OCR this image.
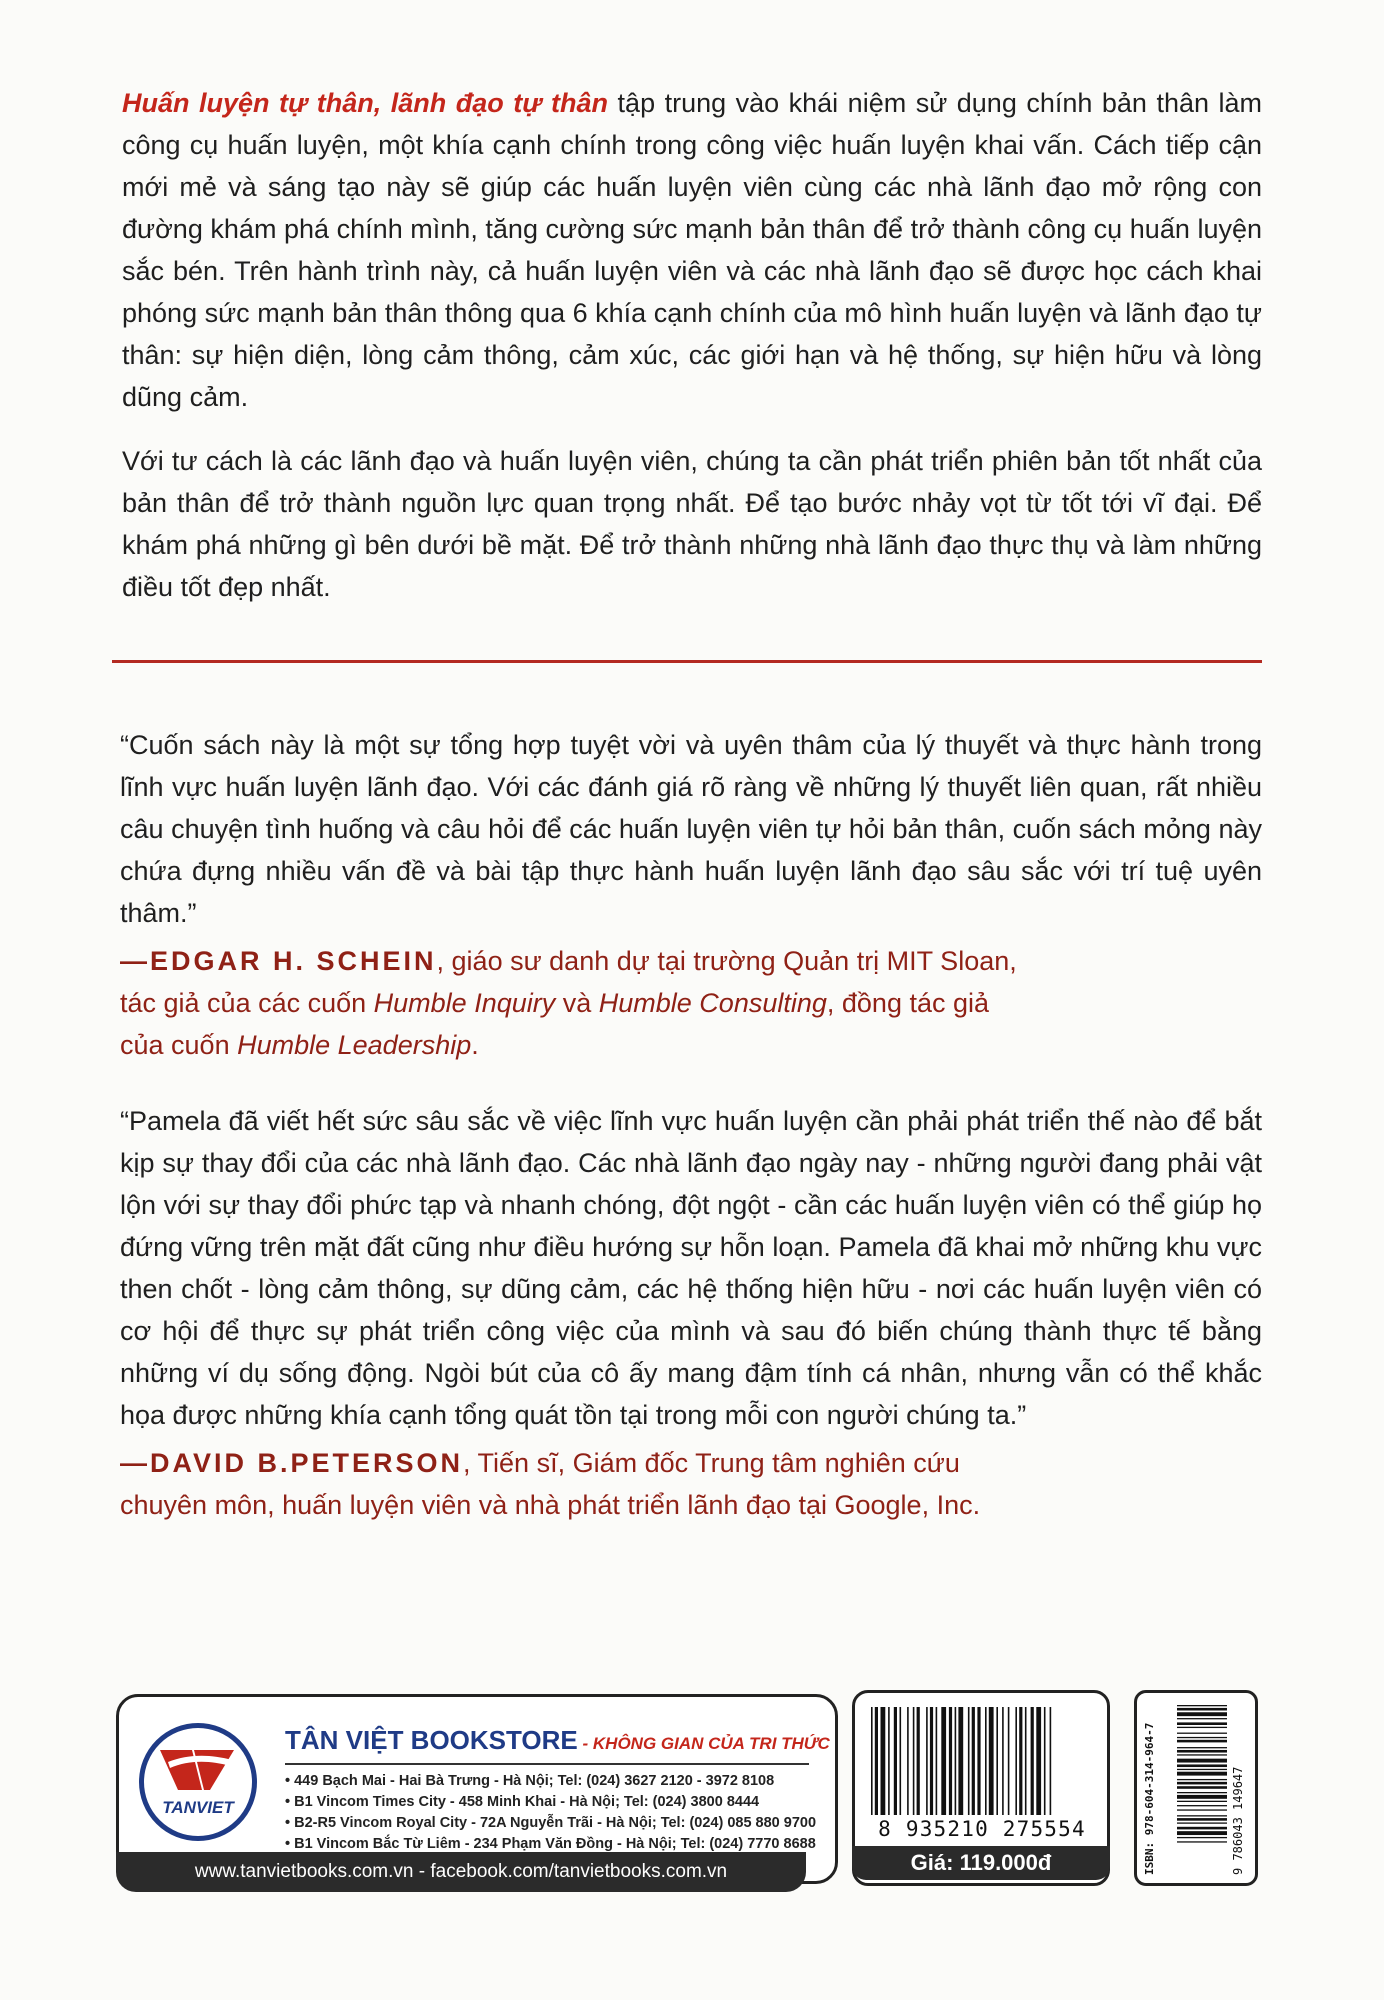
Huấn luyện tự thân, lãnh đạo tự thân tập trung vào khái niệm sử dụng chính bản thân làm công cụ huấn luyện, một khía cạnh chính trong công việc huấn luyện khai vấn. Cách tiếp cận mới mẻ và sáng tạo này sẽ giúp các huấn luyện viên cùng các nhà lãnh đạo mở rộng con đường khám phá chính mình, tăng cường sức mạnh bản thân để trở thành công cụ huấn luyện sắc bén. Trên hành trình này, cả huấn luyện viên và các nhà lãnh đạo sẽ được học cách khai phóng sức mạnh bản thân thông qua 6 khía cạnh chính của mô hình huấn luyện và lãnh đạo tự thân: sự hiện diện, lòng cảm thông, cảm xúc, các giới hạn và hệ thống, sự hiện hữu và lòng dũng cảm.

Với tư cách là các lãnh đạo và huấn luyện viên, chúng ta cần phát triển phiên bản tốt nhất của bản thân để trở thành nguồn lực quan trọng nhất. Để tạo bước nhảy vọt từ tốt tới vĩ đại. Để khám phá những gì bên dưới bề mặt. Để trở thành những nhà lãnh đạo thực thụ và làm những điều tốt đẹp nhất.

“Cuốn sách này là một sự tổng hợp tuyệt vời và uyên thâm của lý thuyết và thực hành trong lĩnh vực huấn luyện lãnh đạo. Với các đánh giá rõ ràng về những lý thuyết liên quan, rất nhiều câu chuyện tình huống và câu hỏi để các huấn luyện viên tự hỏi bản thân, cuốn sách mỏng này chứa đựng nhiều vấn đề và bài tập thực hành huấn luyện lãnh đạo sâu sắc với trí tuệ uyên thâm.”

—EDGAR H. SCHEIN, giáo sư danh dự tại trường Quản trị MIT Sloan,
tác giả của các cuốn Humble Inquiry và Humble Consulting, đồng tác giả
của cuốn Humble Leadership.

“Pamela đã viết hết sức sâu sắc về việc lĩnh vực huấn luyện cần phải phát triển thế nào để bắt kịp sự thay đổi của các nhà lãnh đạo. Các nhà lãnh đạo ngày nay - những người đang phải vật lộn với sự thay đổi phức tạp và nhanh chóng, đột ngột - cần các huấn luyện viên có thể giúp họ đứng vững trên mặt đất cũng như điều hướng sự hỗn loạn. Pamela đã khai mở những khu vực then chốt - lòng cảm thông, sự dũng cảm, các hệ thống hiện hữu - nơi các huấn luyện viên có cơ hội để thực sự phát triển công việc của mình và sau đó biến chúng thành thực tế bằng những ví dụ sống động. Ngòi bút của cô ấy mang đậm tính cá nhân, nhưng vẫn có thể khắc họa được những khía cạnh tổng quát tồn tại trong mỗi con người chúng ta.”

—DAVID B.PETERSON, Tiến sĩ, Giám đốc Trung tâm nghiên cứu
chuyên môn, huấn luyện viên và nhà phát triển lãnh đạo tại Google, Inc.
TANVIET
TÂN VIỆT BOOKSTORE - KHÔNG GIAN CỦA TRI THỨC
• 449 Bạch Mai - Hai Bà Trưng - Hà Nội; Tel: (024) 3627 2120 - 3972 8108
• B1 Vincom Times City - 458 Minh Khai - Hà Nội; Tel: (024) 3800 8444
• B2-R5 Vincom Royal City - 72A Nguyễn Trãi - Hà Nội; Tel: (024) 085 880 9700
• B1 Vincom Bắc Từ Liêm - 234 Phạm Văn Đồng - Hà Nội; Tel: (024) 7770 8688
www.tanvietbooks.com.vn - facebook.com/tanvietbooks.com.vn
8 935210 275554
Giá: 119.000đ	ISBN: 978-604-314-964-7	9 786043 149647
